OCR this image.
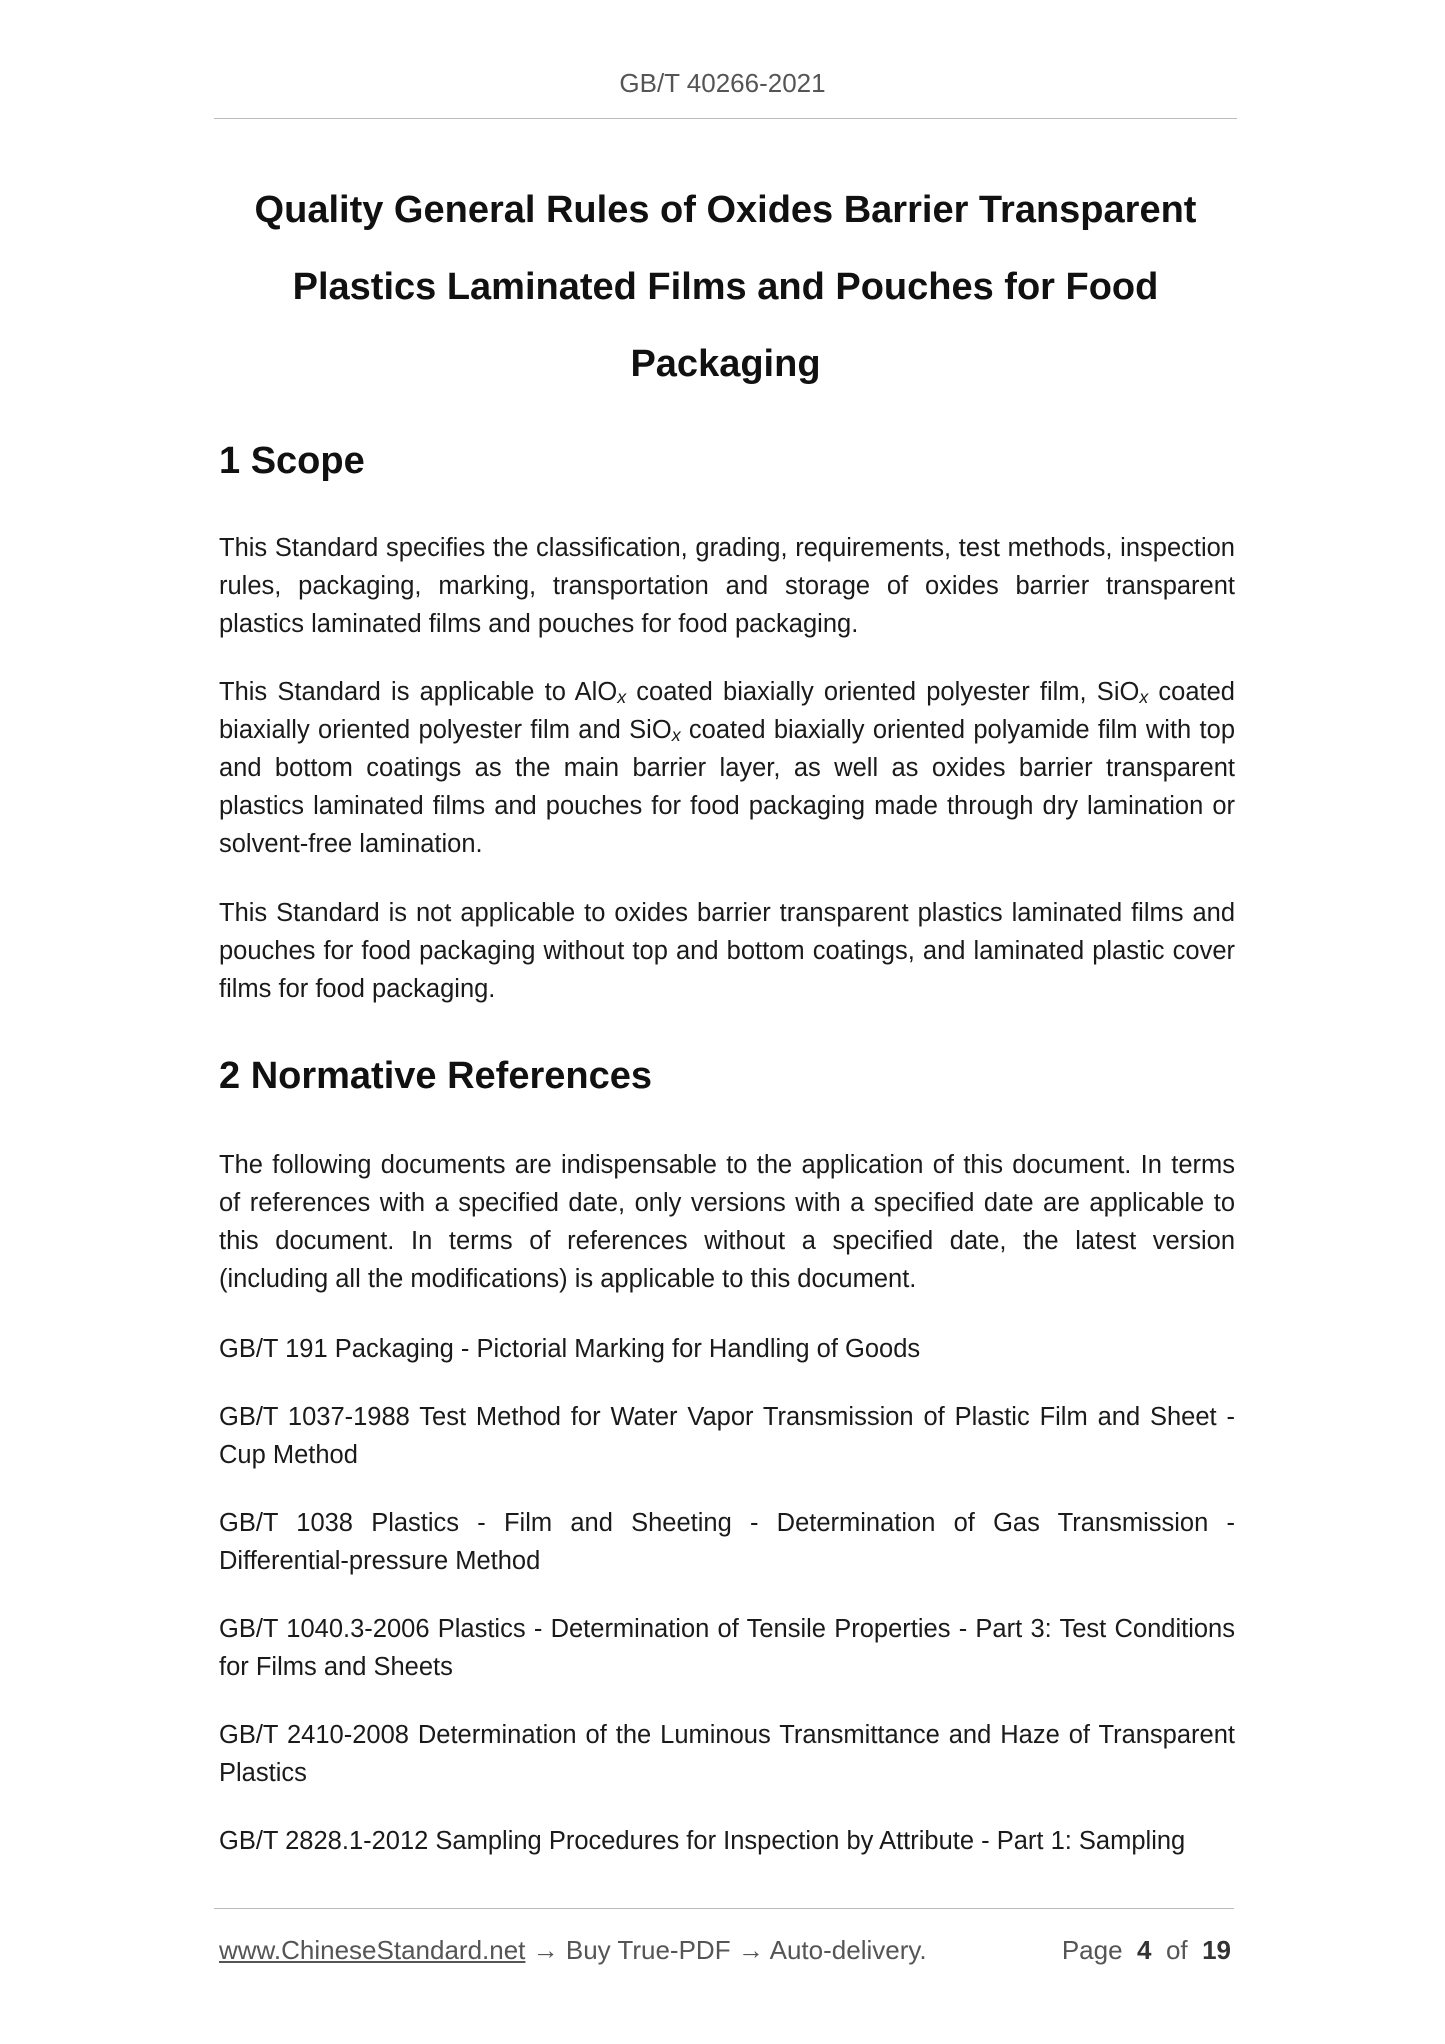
GB/T 40266-2021
Quality General Rules of Oxides Barrier Transparent
Plastics Laminated Films and Pouches for Food
Packaging
1 Scope
This Standard specifies the classification, grading, requirements, test methods, inspection rules, packaging, marking, transportation and storage of oxides barrier transparent plastics laminated films and pouches for food packaging.
This Standard is applicable to AlO$_x$ coated biaxially oriented polyester film, SiO$_x$ coated biaxially oriented polyester film and SiO$_x$ coated biaxially oriented polyamide film with top and bottom coatings as the main barrier layer, as well as oxides barrier transparent plastics laminated films and pouches for food packaging made through dry lamination or solvent-free lamination.
This Standard is not applicable to oxides barrier transparent plastics laminated films and pouches for food packaging without top and bottom coatings, and laminated plastic cover films for food packaging.
2 Normative References
The following documents are indispensable to the application of this document. In terms of references with a specified date, only versions with a specified date are applicable to this document. In terms of references without a specified date, the latest version (including all the modifications) is applicable to this document.
GB/T 191 Packaging - Pictorial Marking for Handling of Goods
GB/T 1037-1988 Test Method for Water Vapor Transmission of Plastic Film and Sheet - Cup Method
GB/T 1038 Plastics - Film and Sheeting - Determination of Gas Transmission - Differential-pressure Method
GB/T 1040.3-2006 Plastics - Determination of Tensile Properties - Part 3: Test Conditions for Films and Sheets
GB/T 2410-2008 Determination of the Luminous Transmittance and Haze of Transparent Plastics
GB/T 2828.1-2012 Sampling Procedures for Inspection by Attribute - Part 1: Sampling
www.ChineseStandard.net → Buy True-PDF → Auto-delivery.	Page 4 of 19
